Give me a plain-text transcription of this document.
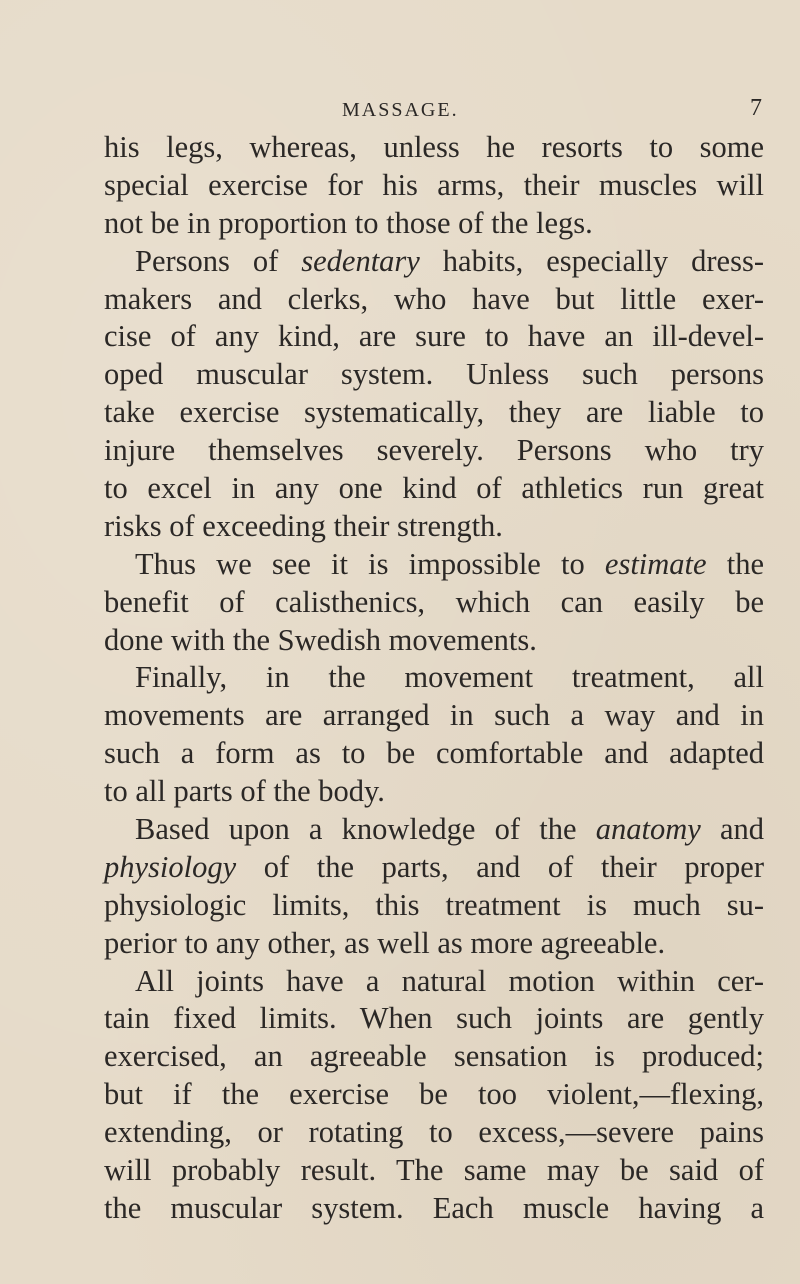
MASSAGE.	7
his legs, whereas, unless he resorts to some
special exercise for his arms, their muscles will
not be in proportion to those of the legs.
Persons of sedentary habits, especially dress-
makers and clerks, who have but little exer-
cise of any kind, are sure to have an ill-devel-
oped muscular system. Unless such persons
take exercise systematically, they are liable to
injure themselves severely. Persons who try
to excel in any one kind of athletics run great
risks of exceeding their strength.
Thus we see it is impossible to estimate the
benefit of calisthenics, which can easily be
done with the Swedish movements.
Finally, in the movement treatment, all
movements are arranged in such a way and in
such a form as to be comfortable and adapted
to all parts of the body.
Based upon a knowledge of the anatomy and
physiology of the parts, and of their proper
physiologic limits, this treatment is much su-
perior to any other, as well as more agreeable.
All joints have a natural motion within cer-
tain fixed limits. When such joints are gently
exercised, an agreeable sensation is produced;
but if the exercise be too violent,—flexing,
extending, or rotating to excess,—severe pains
will probably result. The same may be said of
the muscular system. Each muscle having a
